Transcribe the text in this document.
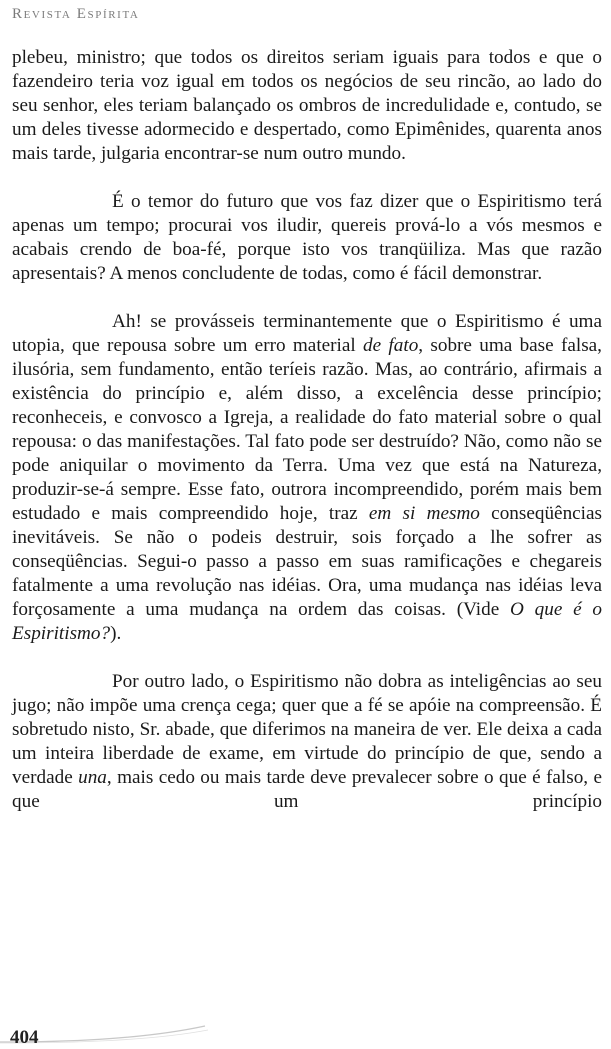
Revista Espírita

plebeu, ministro; que todos os direitos seriam iguais para todos e que o fazendeiro teria voz igual em todos os negócios de seu rincão, ao lado do seu senhor, eles teriam balançado os ombros de incredulidade e, contudo, se um deles tivesse adormecido e despertado, como Epimênides, quarenta anos mais tarde, julgaria encontrar-se num outro mundo.

É o temor do futuro que vos faz dizer que o Espiritismo terá apenas um tempo; procurai vos iludir, quereis prová-lo a vós mesmos e acabais crendo de boa-fé, porque isto vos tranqüiliza. Mas que razão apresentais? A menos concludente de todas, como é fácil demonstrar.

Ah! se provásseis terminantemente que o Espiritismo é uma utopia, que repousa sobre um erro material de fato, sobre uma base falsa, ilusória, sem fundamento, então teríeis razão. Mas, ao contrário, afirmais a existência do princípio e, além disso, a excelência desse princípio; reconheceis, e convosco a Igreja, a realidade do fato material sobre o qual repousa: o das manifestações. Tal fato pode ser destruído? Não, como não se pode aniquilar o movimento da Terra. Uma vez que está na Natureza, produzir-se-á sempre. Esse fato, outrora incompreendido, porém mais bem estudado e mais compreendido hoje, traz em si mesmo conseqüências inevitáveis. Se não o podeis destruir, sois forçado a lhe sofrer as conseqüências. Segui-o passo a passo em suas ramificações e chegareis fatalmente a uma revolução nas idéias. Ora, uma mudança nas idéias leva forçosamente a uma mudança na ordem das coisas. (Vide O que é o Espiritismo?).

Por outro lado, o Espiritismo não dobra as inteligências ao seu jugo; não impõe uma crença cega; quer que a fé se apóie na compreensão. É sobretudo nisto, Sr. abade, que diferimos na maneira de ver. Ele deixa a cada um inteira liberdade de exame, em virtude do princípio de que, sendo a verdade una, mais cedo ou mais tarde deve prevalecer sobre o que é falso, e que um princípio

404
